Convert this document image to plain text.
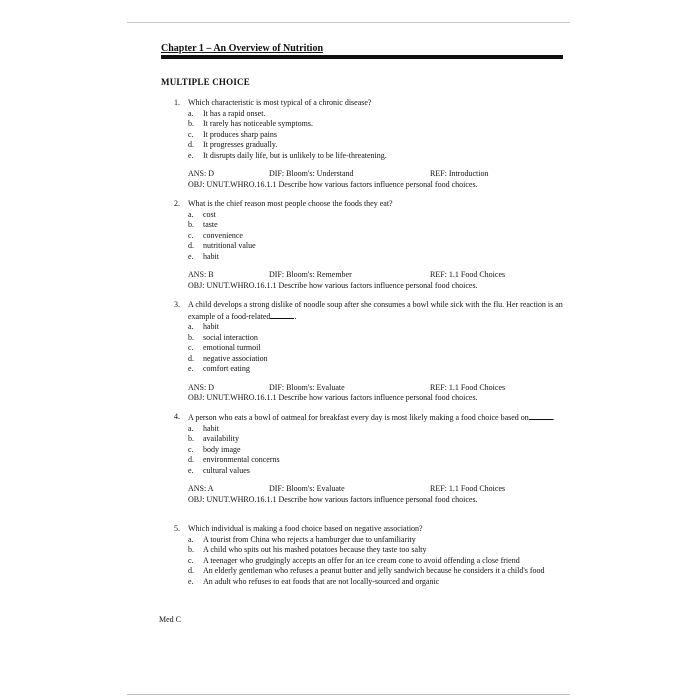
Chapter 1 – An Overview of Nutrition
MULTIPLE CHOICE
1.	Which characteristic is most typical of a chronic disease?
a.	It has a rapid onset.
b.	It rarely has noticeable symptoms.
c.	It produces sharp pains
d.	It progresses gradually.
e.	It disrupts daily life, but is unlikely to be life-threatening.
ANS: D	DIF: Bloom's: Understand	REF: Introduction
OBJ: UNUT.WHRO.16.1.1 Describe how various factors influence personal food choices.
2.	What is the chief reason most people choose the foods they eat?
a.	cost
b.	taste
c.	convenience
d.	nutritional value
e.	habit
ANS: B	DIF: Bloom's: Remember	REF: 1.1 Food Choices
OBJ: UNUT.WHRO.16.1.1 Describe how various factors influence personal food choices.
3.	A child develops a strong dislike of noodle soup after she consumes a bowl while sick with the flu. Her reaction is an example of a food-related	.
a.	habit
b.	social interaction
c.	emotional turmoil
d.	negative association
e.	comfort eating
ANS: D	DIF: Bloom's: Evaluate	REF: 1.1 Food Choices
OBJ: UNUT.WHRO.16.1.1 Describe how various factors influence personal food choices.
4.	A person who eats a bowl of oatmeal for breakfast every day is most likely making a food choice based on	.
a.	habit
b.	availability
c.	body image
d.	environmental concerns
e.	cultural values
ANS: A	DIF: Bloom's: Evaluate	REF: 1.1 Food Choices
OBJ: UNUT.WHRO.16.1.1 Describe how various factors influence personal food choices.
5.	Which individual is making a food choice based on negative association?
a.	A tourist from China who rejects a hamburger due to unfamiliarity
b.	A child who spits out his mashed potatoes because they taste too salty
c.	A teenager who grudgingly accepts an offer for an ice cream cone to avoid offending a close friend
d.	An elderly gentleman who refuses a peanut butter and jelly sandwich because he considers it a child's food
e.	An adult who refuses to eat foods that are not locally-sourced and organic
Med C
